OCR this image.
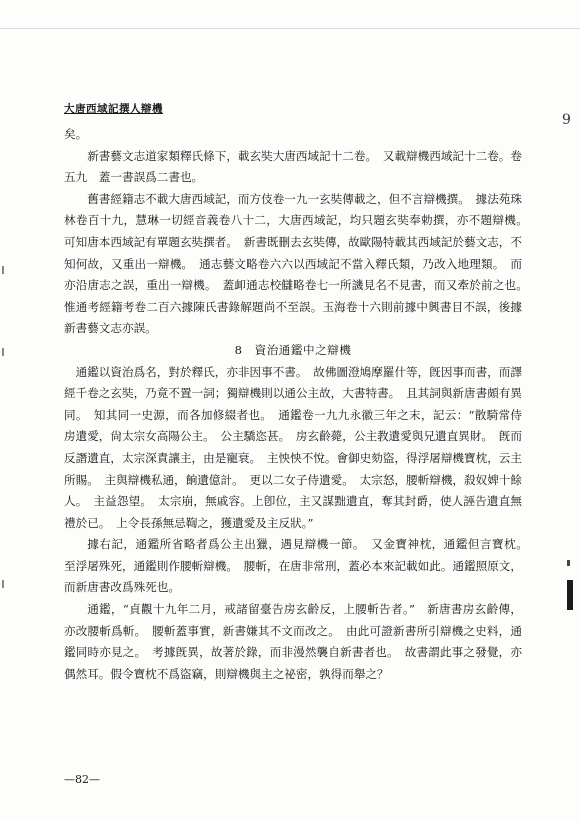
大唐西域記撰人辯機
9

矣。

新書藝文志道家類釋氏條下，載玄奘大唐西域記十二卷。　又載辯機西域記十二卷。卷五九　蓋一書誤爲二書也。

舊書經籍志不載大唐西域記，而方伎卷一九一玄奘傳載之，但不言辯機撰。　據法苑珠林卷百十九，慧琳一切經音義卷八十二，大唐西域記，均只題玄奘奉勅撰，亦不題辯機。　可知唐本西域記有單題玄奘撰者。　新書既刪去玄奘傳，故歐陽特載其西域記於藝文志，不知何故，又重出一辯機。　通志藝文略卷六六以西域記不當入釋氏類，乃改入地理類。　而亦沿唐志之誤，重出一辯機。　蓋卹通志校讎略卷七一所譏見名不見書，而又牽於前之也。　惟通考經籍考卷二百六據陳氏書錄解題尚不至誤。玉海卷十六則前據中興書目不誤，後據新書藝文志亦誤。

8　資治通鑑中之辯機

通鑑以資治爲名，對於釋氏，亦非因事不書。　故佛圖澄鳩摩羅什等，旣因事而書，而譯經千卷之玄奘，乃竟不置一詞；獨辯機則以通公主故，大書特書。　且其詞與新唐書頗有異同。　知其同一史源，而各加修綴者也。　通鑑卷一九九永徽三年之末，記云：“散騎常侍房遺愛，尙太宗女高陽公主。　公主驕恣甚。　房玄齡薨，公主教遺愛與兄遺直異財。　旣而反譖遺直，太宗深責讓主，由是寵衰。　主怏怏不悅。會御史劾盜，得浮屠辯機寶枕，云主所賜。　主與辯機私通，餉遺億計。　更以二女子侍遺愛。　太宗怒，腰斬辯機，殺奴婢十餘人。　主益怨望。　太宗崩，無戚容。上卽位，主又謀黜遺直，奪其封爵，使人誣告遺直無禮於已。　上令長孫無忌鞫之，獲遺愛及主反狀。”

據右記，通鑑所省略者爲公主出獵，遇見辯機一節。　又金寶神枕，通鑑但言寶枕。　至浮屠殊死，通鑑則作腰斬辯機。　腰斬，在唐非常刑，蓋必本來記載如此。通鑑照原文，而新唐書改爲殊死也。

通鑑，“貞觀十九年二月，戒諸留臺告房玄齡反，上腰斬告者。”　新唐書房玄齡傳，亦改腰斬爲斬。　腰斬蓋事實，新書嫌其不文而改之。　由此可證新書所引辯機之史料，通鑑同時亦見之。　考據旣異，故著於錄，而非漫然襲自新書者也。　故書謂此事之發覺，亦偶然耳。假令寶枕不爲盜竊，則辯機與主之祕密，孰得而舉之？

—82—
